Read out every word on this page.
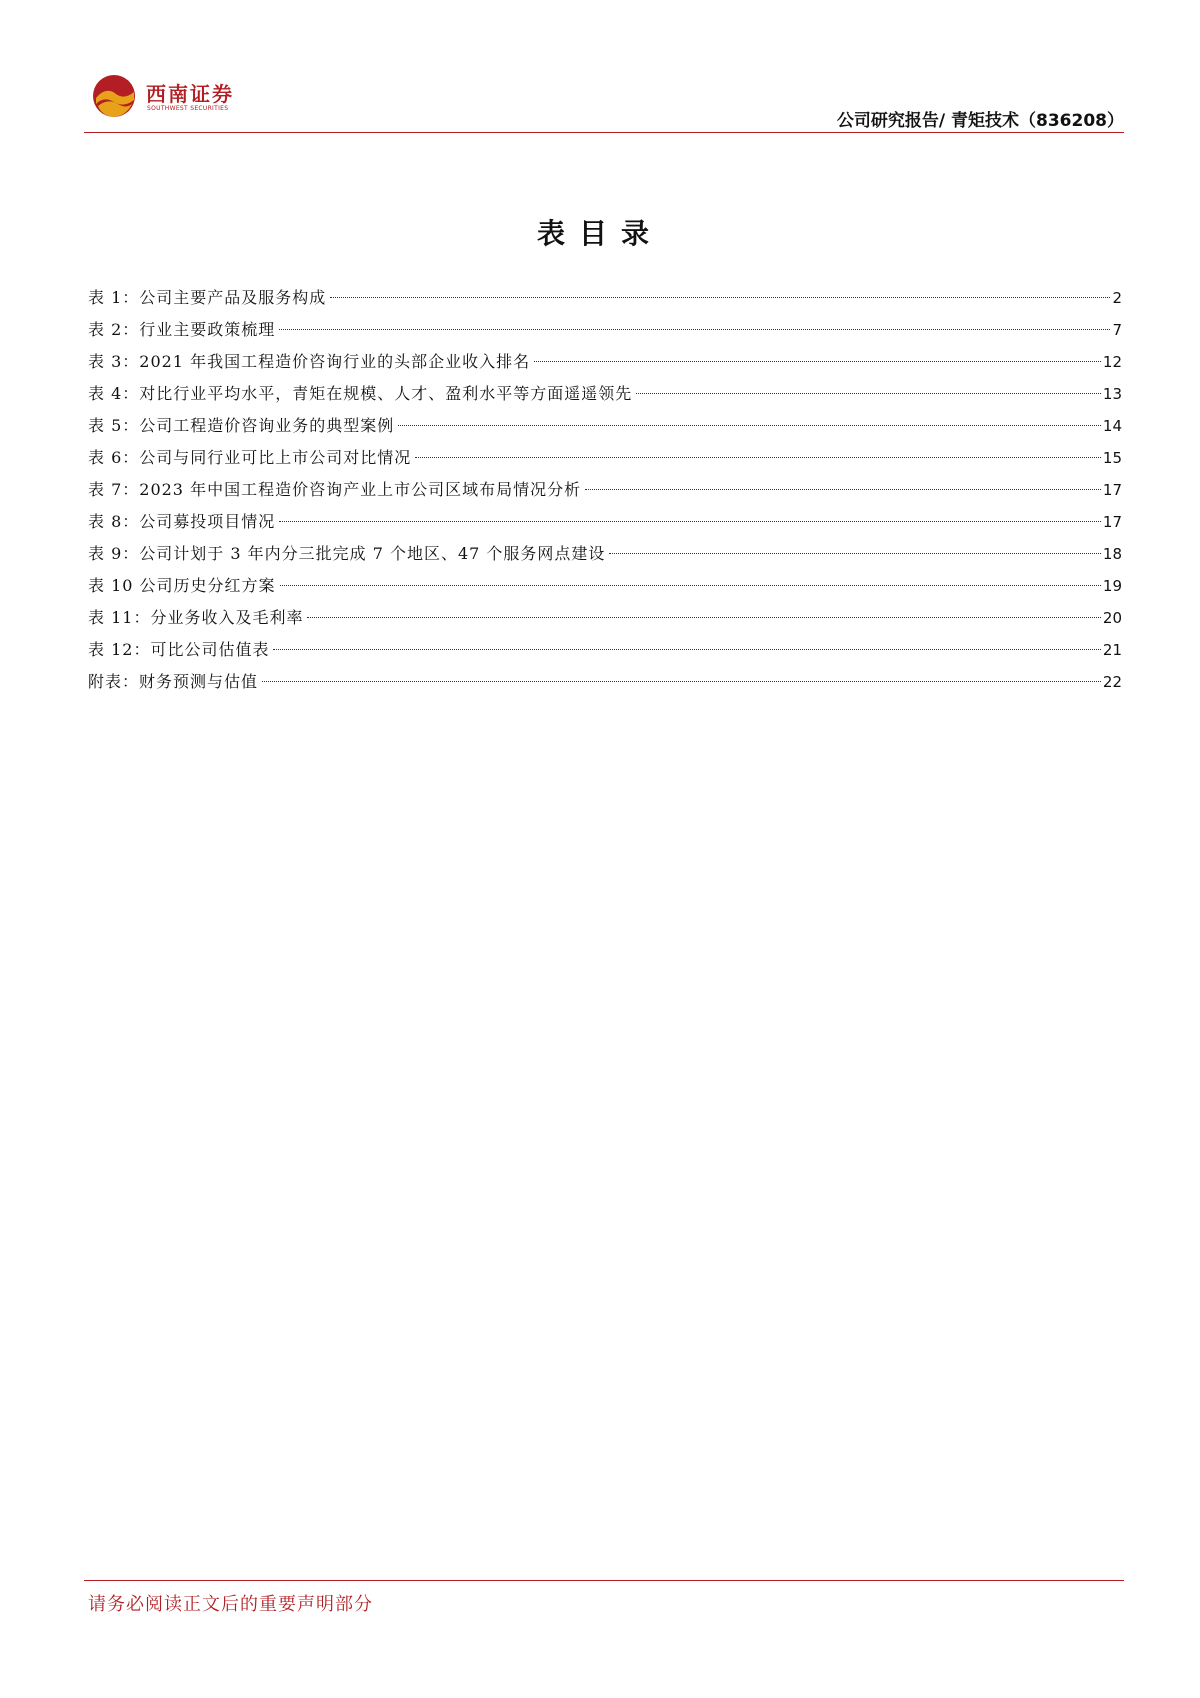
西南证券
SOUTHWEST SECURITIES
公司研究报告/ 青矩技术（836208）
表目录
表 1：公司主要产品及服务构成	2
表 2：行业主要政策梳理	7
表 3：2021 年我国工程造价咨询行业的头部企业收入排名	12
表 4：对比行业平均水平，青矩在规模、人才、盈利水平等方面遥遥领先	13
表 5：公司工程造价咨询业务的典型案例	14
表 6：公司与同行业可比上市公司对比情况	15
表 7：2023 年中国工程造价咨询产业上市公司区域布局情况分析	17
表 8：公司募投项目情况	17
表 9：公司计划于 3 年内分三批完成 7 个地区、47 个服务网点建设	18
表 10 公司历史分红方案	19
表 11：分业务收入及毛利率	20
表 12：可比公司估值表	21
附表：财务预测与估值	22
请务必阅读正文后的重要声明部分
